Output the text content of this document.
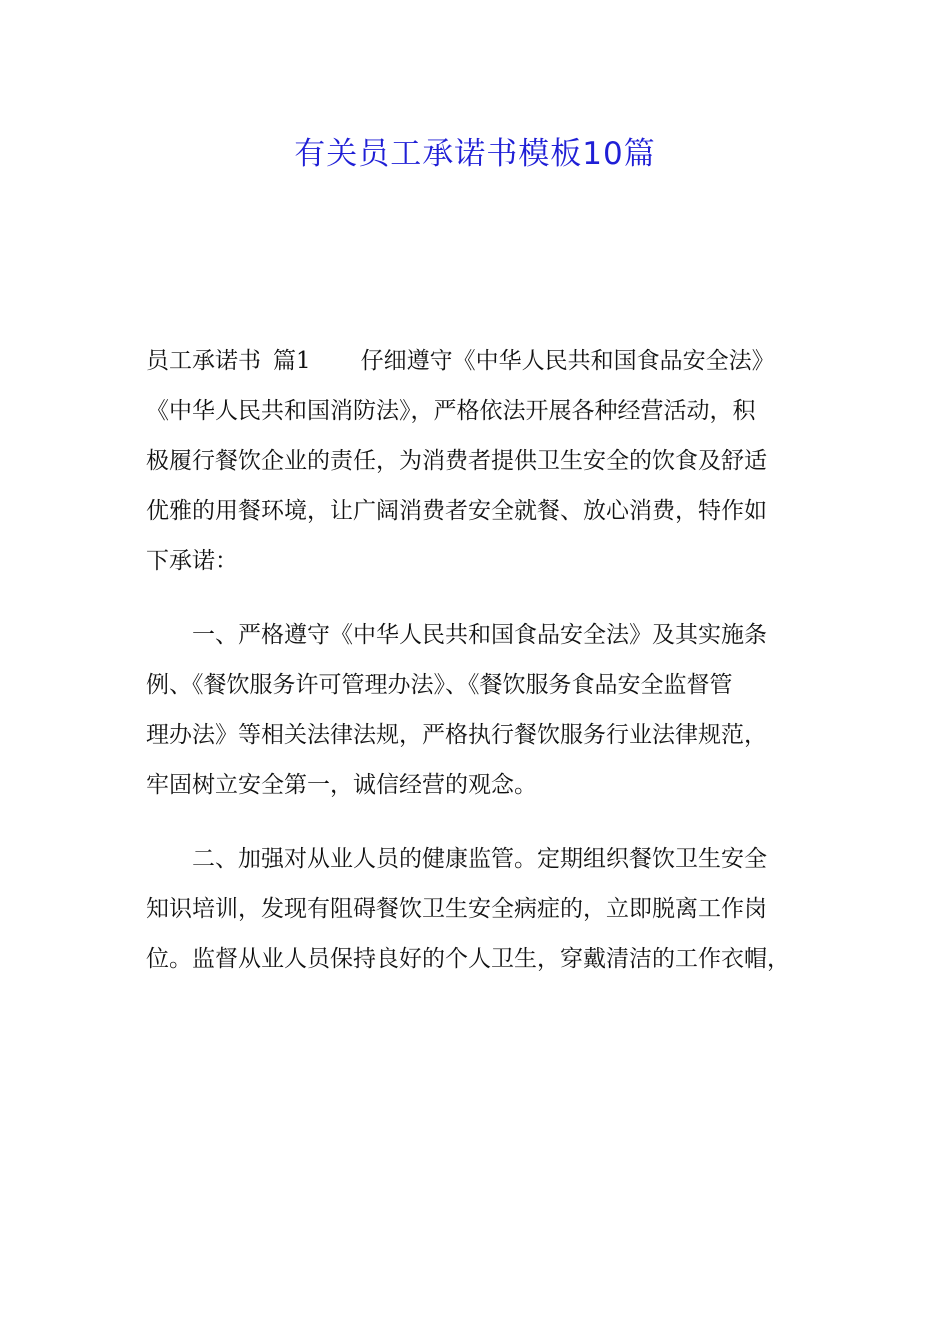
有关员工承诺书模板10篇

员工承诺书 篇1 仔细遵守《中华人民共和国食品安全法》

《中华人民共和国消防法》，严格依法开展各种经营活动，积

极履行餐饮企业的责任，为消费者提供卫生安全的饮食及舒适

优雅的用餐环境，让广阔消费者安全就餐、放心消费，特作如

下承诺：

一、严格遵守《中华人民共和国食品安全法》及其实施条

例、《餐饮服务许可管理办法》、《餐饮服务食品安全监督管

理办法》等相关法律法规，严格执行餐饮服务行业法律规范，

牢固树立安全第一，诚信经营的观念。

二、加强对从业人员的健康监管。定期组织餐饮卫生安全

知识培训，发现有阻碍餐饮卫生安全病症的，立即脱离工作岗

位。监督从业人员保持良好的个人卫生，穿戴清洁的工作衣帽，
